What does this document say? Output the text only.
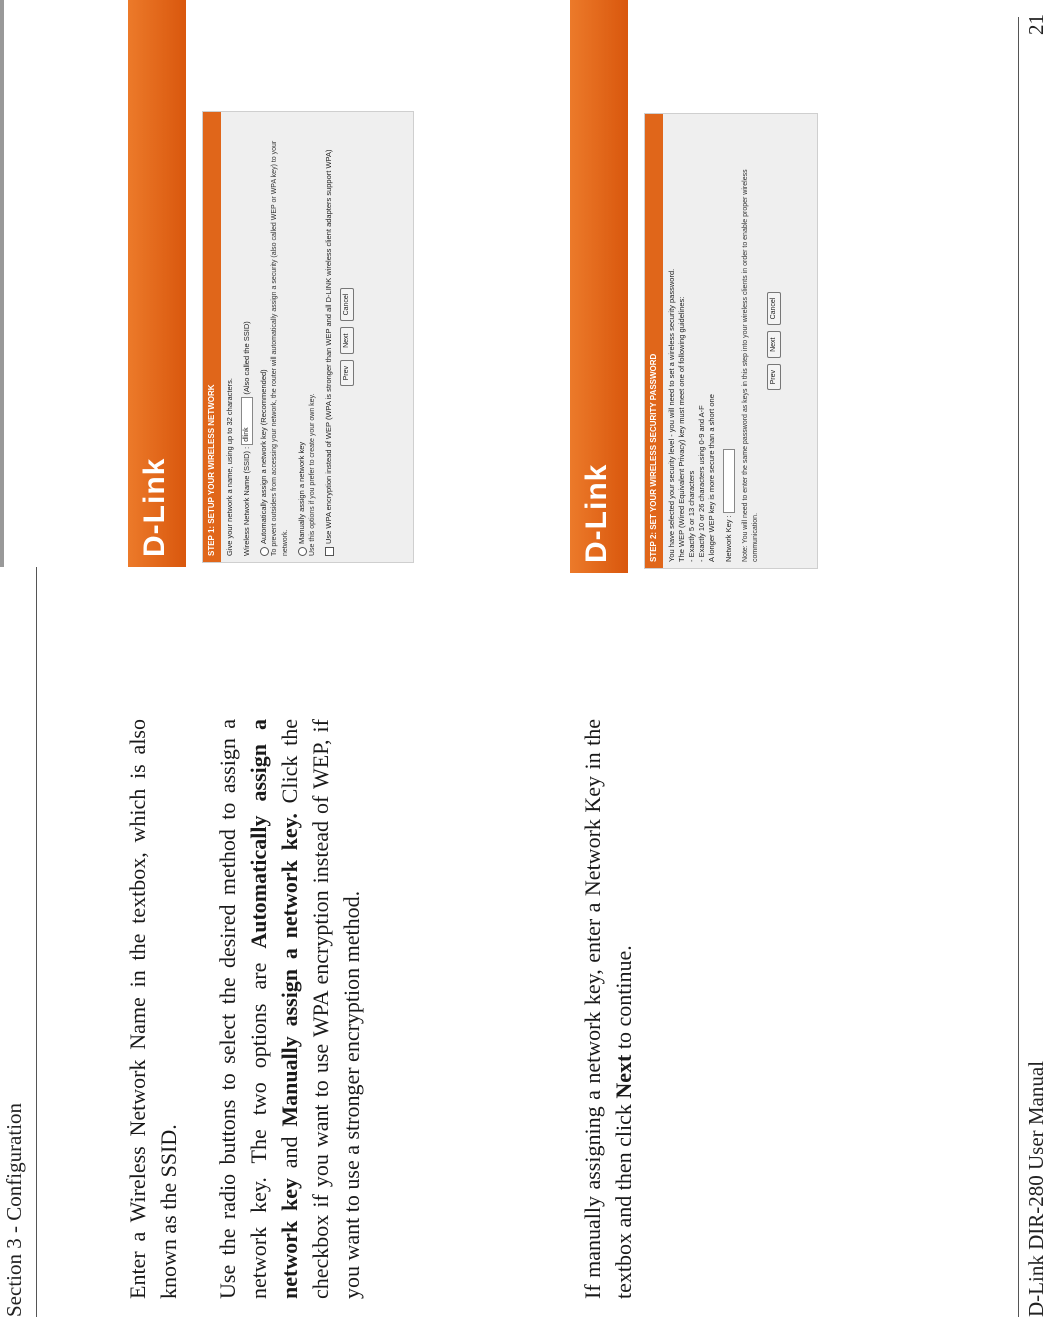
Section 3 - Configuration	Enter a Wireless Network Name in the textbox, which is also known as the SSID. Use the radio buttons to select the desired method to assign a network key. The two options are Automatically assign a network key and Manually assign a network key. Click the checkbox if you want to use WPA encryption instead of WEP, if you want to use a stronger encryption method.	If manually assigning a network key, enter a Network Key in the textbox and then click Next to continue.
D-Link	STEP 1: SETUP YOUR WIRELESS NETWORK	Give your network a name, using up to 32 characters. Wireless Network Name (SSID) : dlink (Also called the SSID)
Automatically assign a network key (Recommended) To prevent outsiders from accessing your network, the router will automatically assign a security (also called WEP or WPA key) to your network. Manually assign a network key Use this options if you prefer to create your own key. Use WPA encryption instead of WEP (WPA is stronger than WEP and all D-LINK wireless client adapters support WPA)	Prev Next Cancel
D-Link	STEP 2: SET YOUR WIRELESS SECURITY PASSWORD	You have selected your security level - you will need to set a wireless security password.
The WEP (Wired Equivalent Privacy) key must meet one of following guidelines:
- Exactly 5 or 13 characters
- Exactly 10 or 26 characters using 0-9 and A-F
A longer WEP key is more secure than a short one Network Key : Note: You will need to enter the same password as keys in this step into your wireless clients in order to enable proper wireless communication.
Prev Next Cancel
D-Link DIR-280 User Manual
21
